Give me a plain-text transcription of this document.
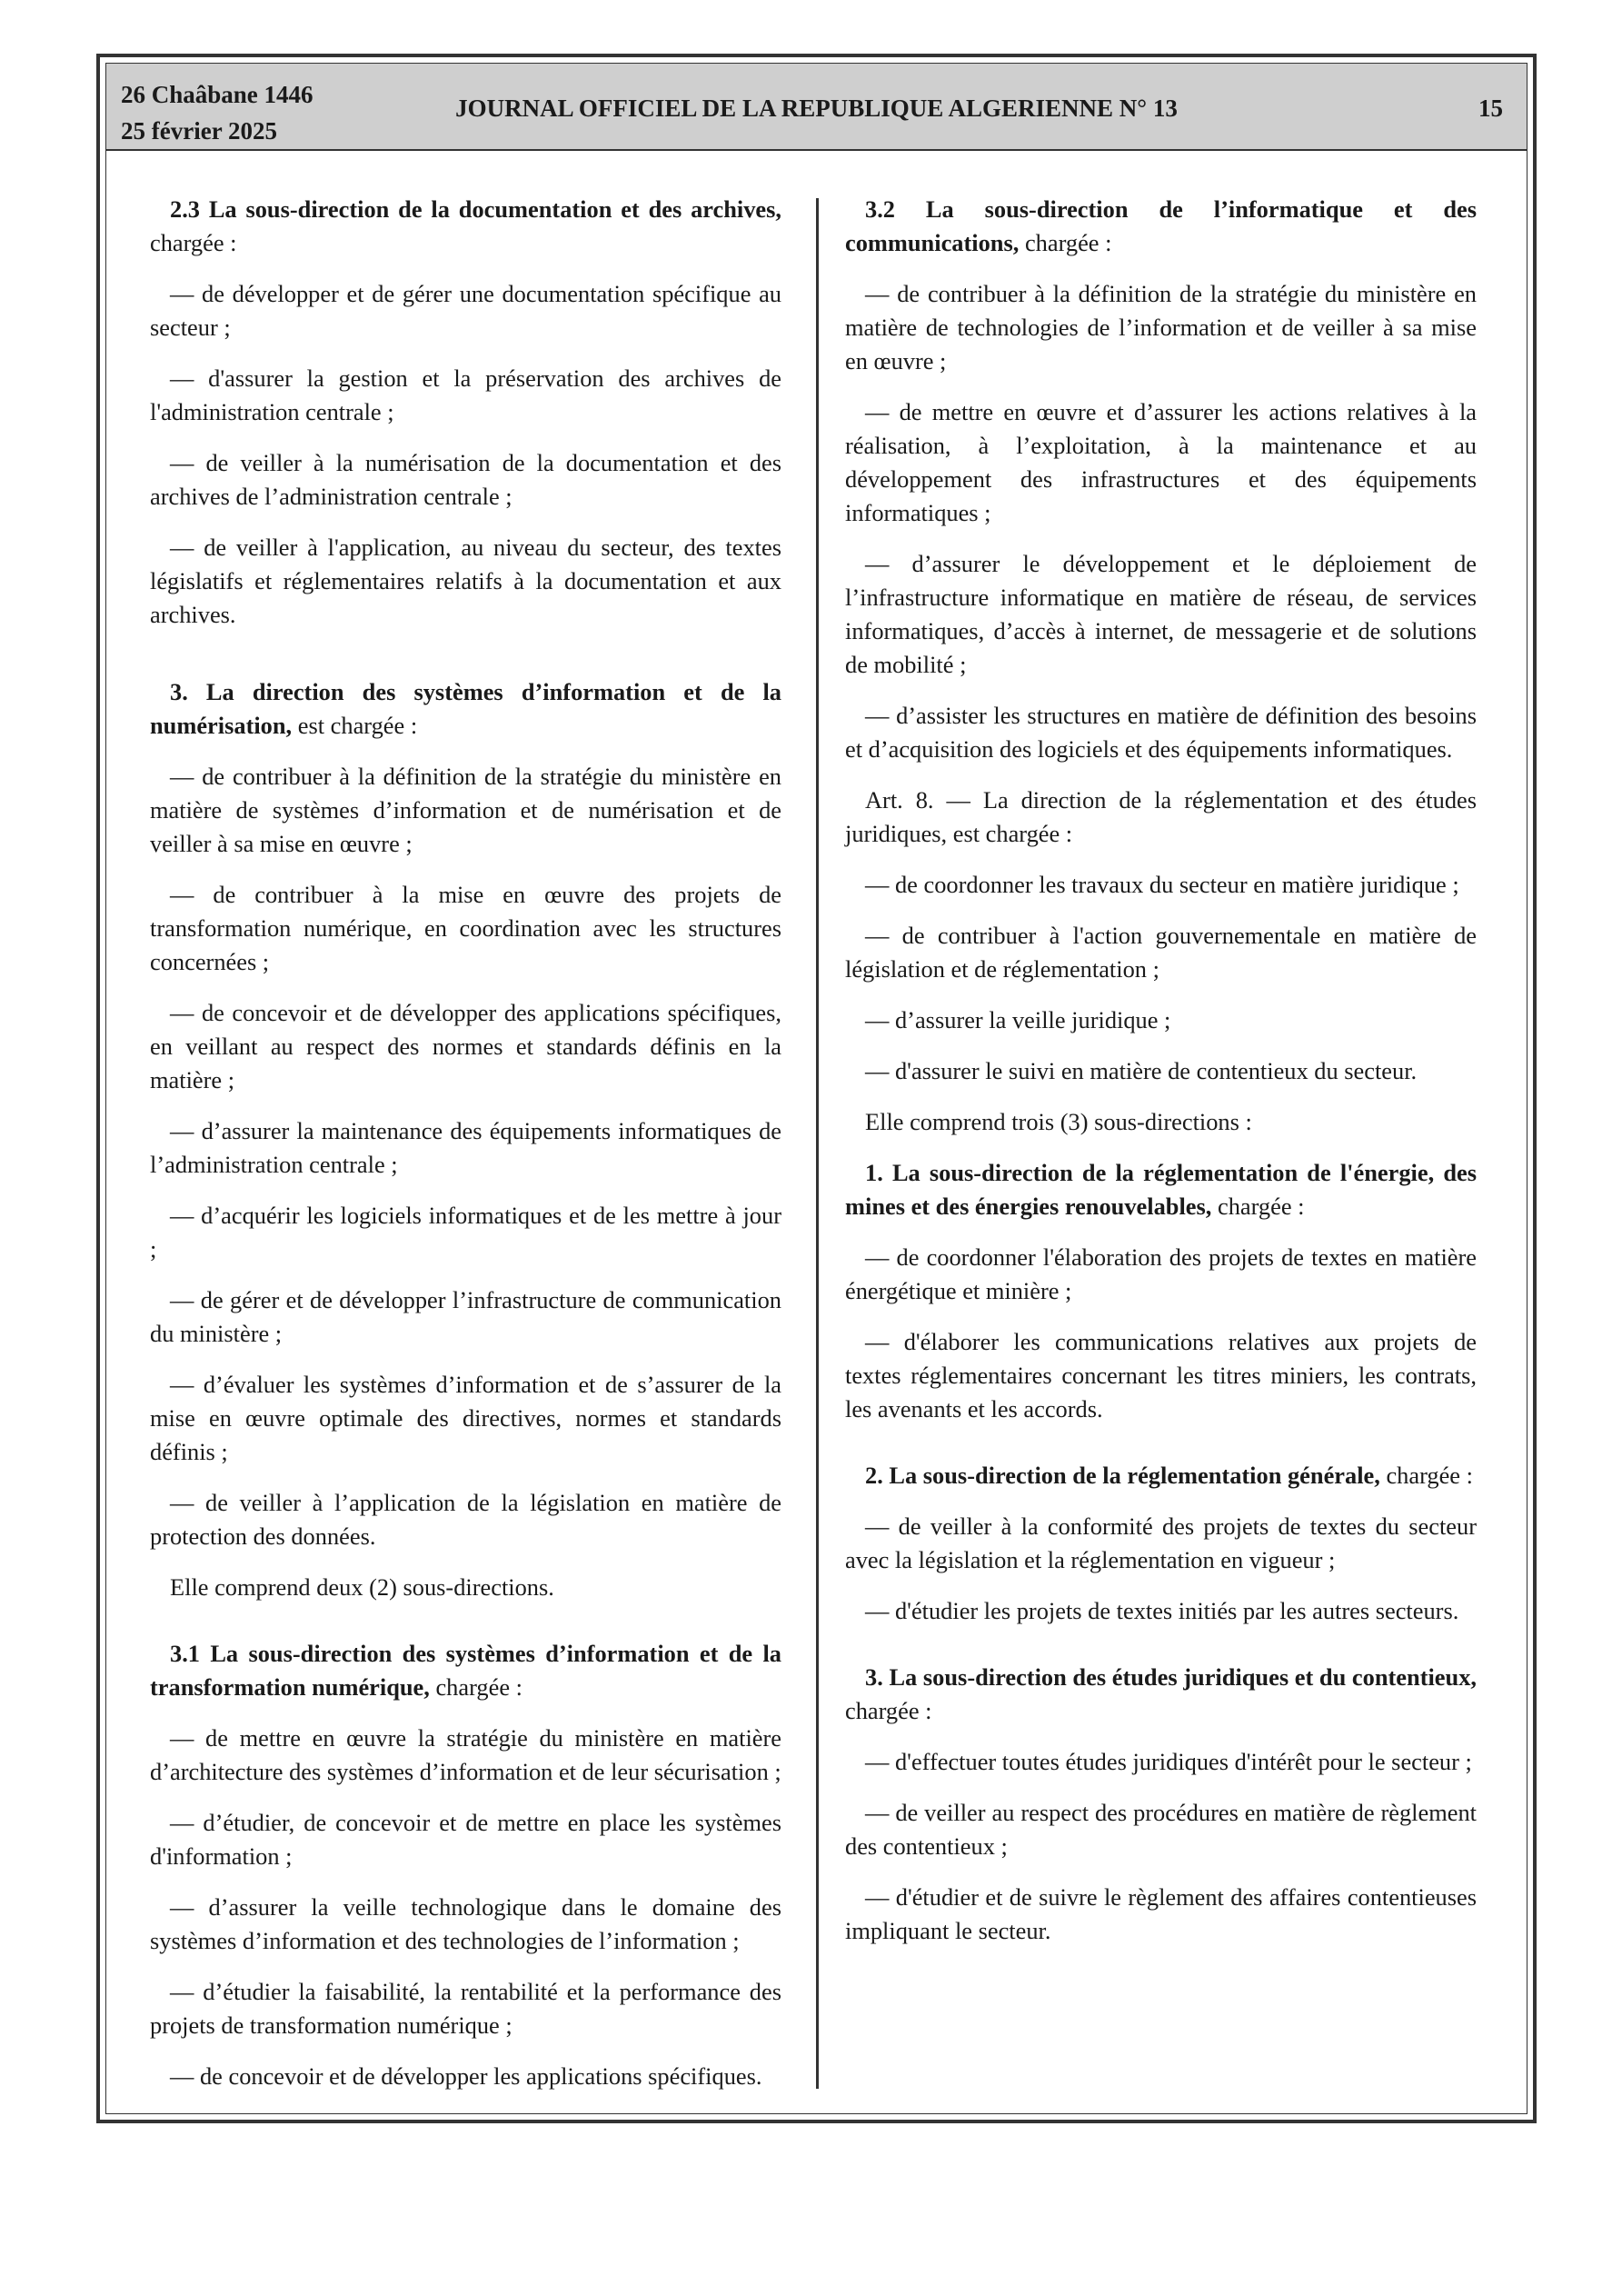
26 Chaâbane 1446
25 février 2025
JOURNAL OFFICIEL DE LA REPUBLIQUE ALGERIENNE N° 13	15

2.3 La sous-direction de la documentation et des archives, chargée :

— de développer et de gérer une documentation spécifique au secteur ;

— d'assurer la gestion et la préservation des archives de l'administration centrale ;

— de veiller à la numérisation de la documentation et des archives de l’administration centrale ;

— de veiller à l'application, au niveau du secteur, des textes législatifs et réglementaires relatifs à la documentation et aux archives.

3. La direction des systèmes d’information et de la numérisation, est chargée :

— de contribuer à la définition de la stratégie du ministère en matière de systèmes d’information et de numérisation et de veiller à sa mise en œuvre ;

— de contribuer à la mise en œuvre des projets de transformation numérique, en coordination avec les structures concernées ;

— de concevoir et de développer des applications spécifiques, en veillant au respect des normes et standards définis en la matière ;

— d’assurer la maintenance des équipements informatiques de l’administration centrale ;

— d’acquérir les logiciels informatiques et de les mettre à jour ;

— de gérer et de développer l’infrastructure de communication du ministère ;

— d’évaluer les systèmes d’information et de s’assurer de la mise en œuvre optimale des directives, normes et standards définis ;

— de veiller à l’application de la législation en matière de protection des données.

Elle comprend deux (2) sous-directions.

3.1 La sous-direction des systèmes d’information et de la transformation numérique, chargée :

— de mettre en œuvre la stratégie du ministère en matière d’architecture des systèmes d’information et de leur sécurisation ;

— d’étudier, de concevoir et de mettre en place les systèmes d'information ;

— d’assurer la veille technologique dans le domaine des systèmes d’information et des technologies de l’information ;

— d’étudier la faisabilité, la rentabilité et la performance des projets de transformation numérique ;

— de concevoir et de développer les applications spécifiques.

3.2 La sous-direction de l’informatique et des communications, chargée :

— de contribuer à la définition de la stratégie du ministère en matière de technologies de l’information et de veiller à sa mise en œuvre ;

— de mettre en œuvre et d’assurer les actions relatives à la réalisation, à l’exploitation, à la maintenance et au développement des infrastructures et des équipements informatiques ;

— d’assurer le développement et le déploiement de l’infrastructure informatique en matière de réseau, de services informatiques, d’accès à internet, de messagerie et de solutions de mobilité ;

— d’assister les structures en matière de définition des besoins et d’acquisition des logiciels et des équipements informatiques.

Art. 8. — La direction de la réglementation et des études juridiques, est chargée :

— de coordonner les travaux du secteur en matière juridique ;

— de contribuer à l'action gouvernementale en matière de législation et de réglementation ;

— d’assurer la veille juridique ;

— d'assurer le suivi en matière de contentieux du secteur.

Elle comprend trois (3) sous-directions :

1. La sous-direction de la réglementation de l'énergie, des mines et des énergies renouvelables, chargée :

— de coordonner l'élaboration des projets de textes en matière énergétique et minière ;

— d'élaborer les communications relatives aux projets de textes réglementaires concernant les titres miniers, les contrats, les avenants et les accords.

2. La sous-direction de la réglementation générale, chargée :

— de veiller à la conformité des projets de textes du secteur avec la législation et la réglementation en vigueur ;

— d'étudier les projets de textes initiés par les autres secteurs.

3. La sous-direction des études juridiques et du contentieux, chargée :

— d'effectuer toutes études juridiques d'intérêt pour le secteur ;

— de veiller au respect des procédures en matière de règlement des contentieux ;

— d'étudier et de suivre le règlement des affaires contentieuses impliquant le secteur.
